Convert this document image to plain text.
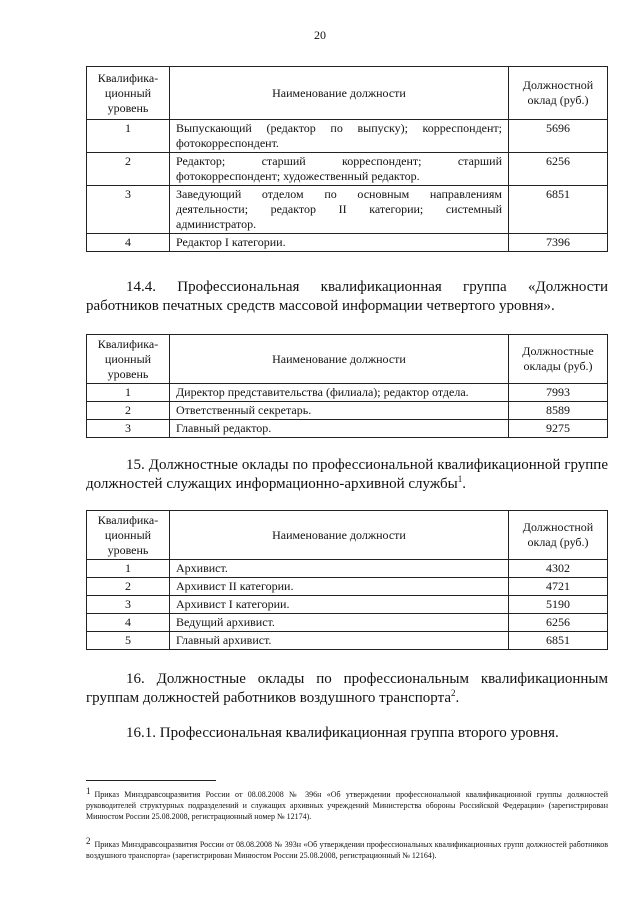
20
Квалифика-ционный уровень	Наименование должности	Должностной оклад (руб.)
1	Выпускающий (редактор по выпуску); корреспондент; фотокорреспондент.	5696
2	Редактор; старший корреспондент; старший фотокорреспондент; художественный редактор.	6256
3	Заведующий отделом по основным направлениям деятельности; редактор II категории; системный администратор.	6851
4	Редактор I категории.	7396
14.4. Профессиональная квалификационная группа «Должности работников печатных средств массовой информации четвертого уровня».
Квалифика-ционный уровень	Наименование должности	Должностные оклады (руб.)
1	Директор представительства (филиала); редактор отдела.	7993
2	Ответственный секретарь.	8589
3	Главный редактор.	9275
15. Должностные оклады по профессиональной квалификационной группе должностей служащих информационно-архивной службы$^1$.
Квалифика-ционный уровень	Наименование должности	Должностной оклад (руб.)
1	Архивист.	4302
2	Архивист II категории.	4721
3	Архивист I категории.	5190
4	Ведущий архивист.	6256
5	Главный архивист.	6851
16. Должностные оклады по профессиональным квалификационным группам должностей работников воздушного транспорта$^2$.
16.1. Профессиональная квалификационная группа второго уровня.
1 Приказ Минздравсоцразвития России от 08.08.2008 № 396н «Об утверждении профессиональной квалификационной группы должностей руководителей структурных подразделений и служащих архивных учреждений Министерства обороны Российской Федерации» (зарегистрирован Минюстом России 25.08.2008, регистрационный номер № 12174).
2 Приказ Минздравсоцразвития России от 08.08.2008 № 393н «Об утверждении профессиональных квалификационных групп должностей работников воздушного транспорта» (зарегистрирован Минюстом России 25.08.2008, регистрационный № 12164).
